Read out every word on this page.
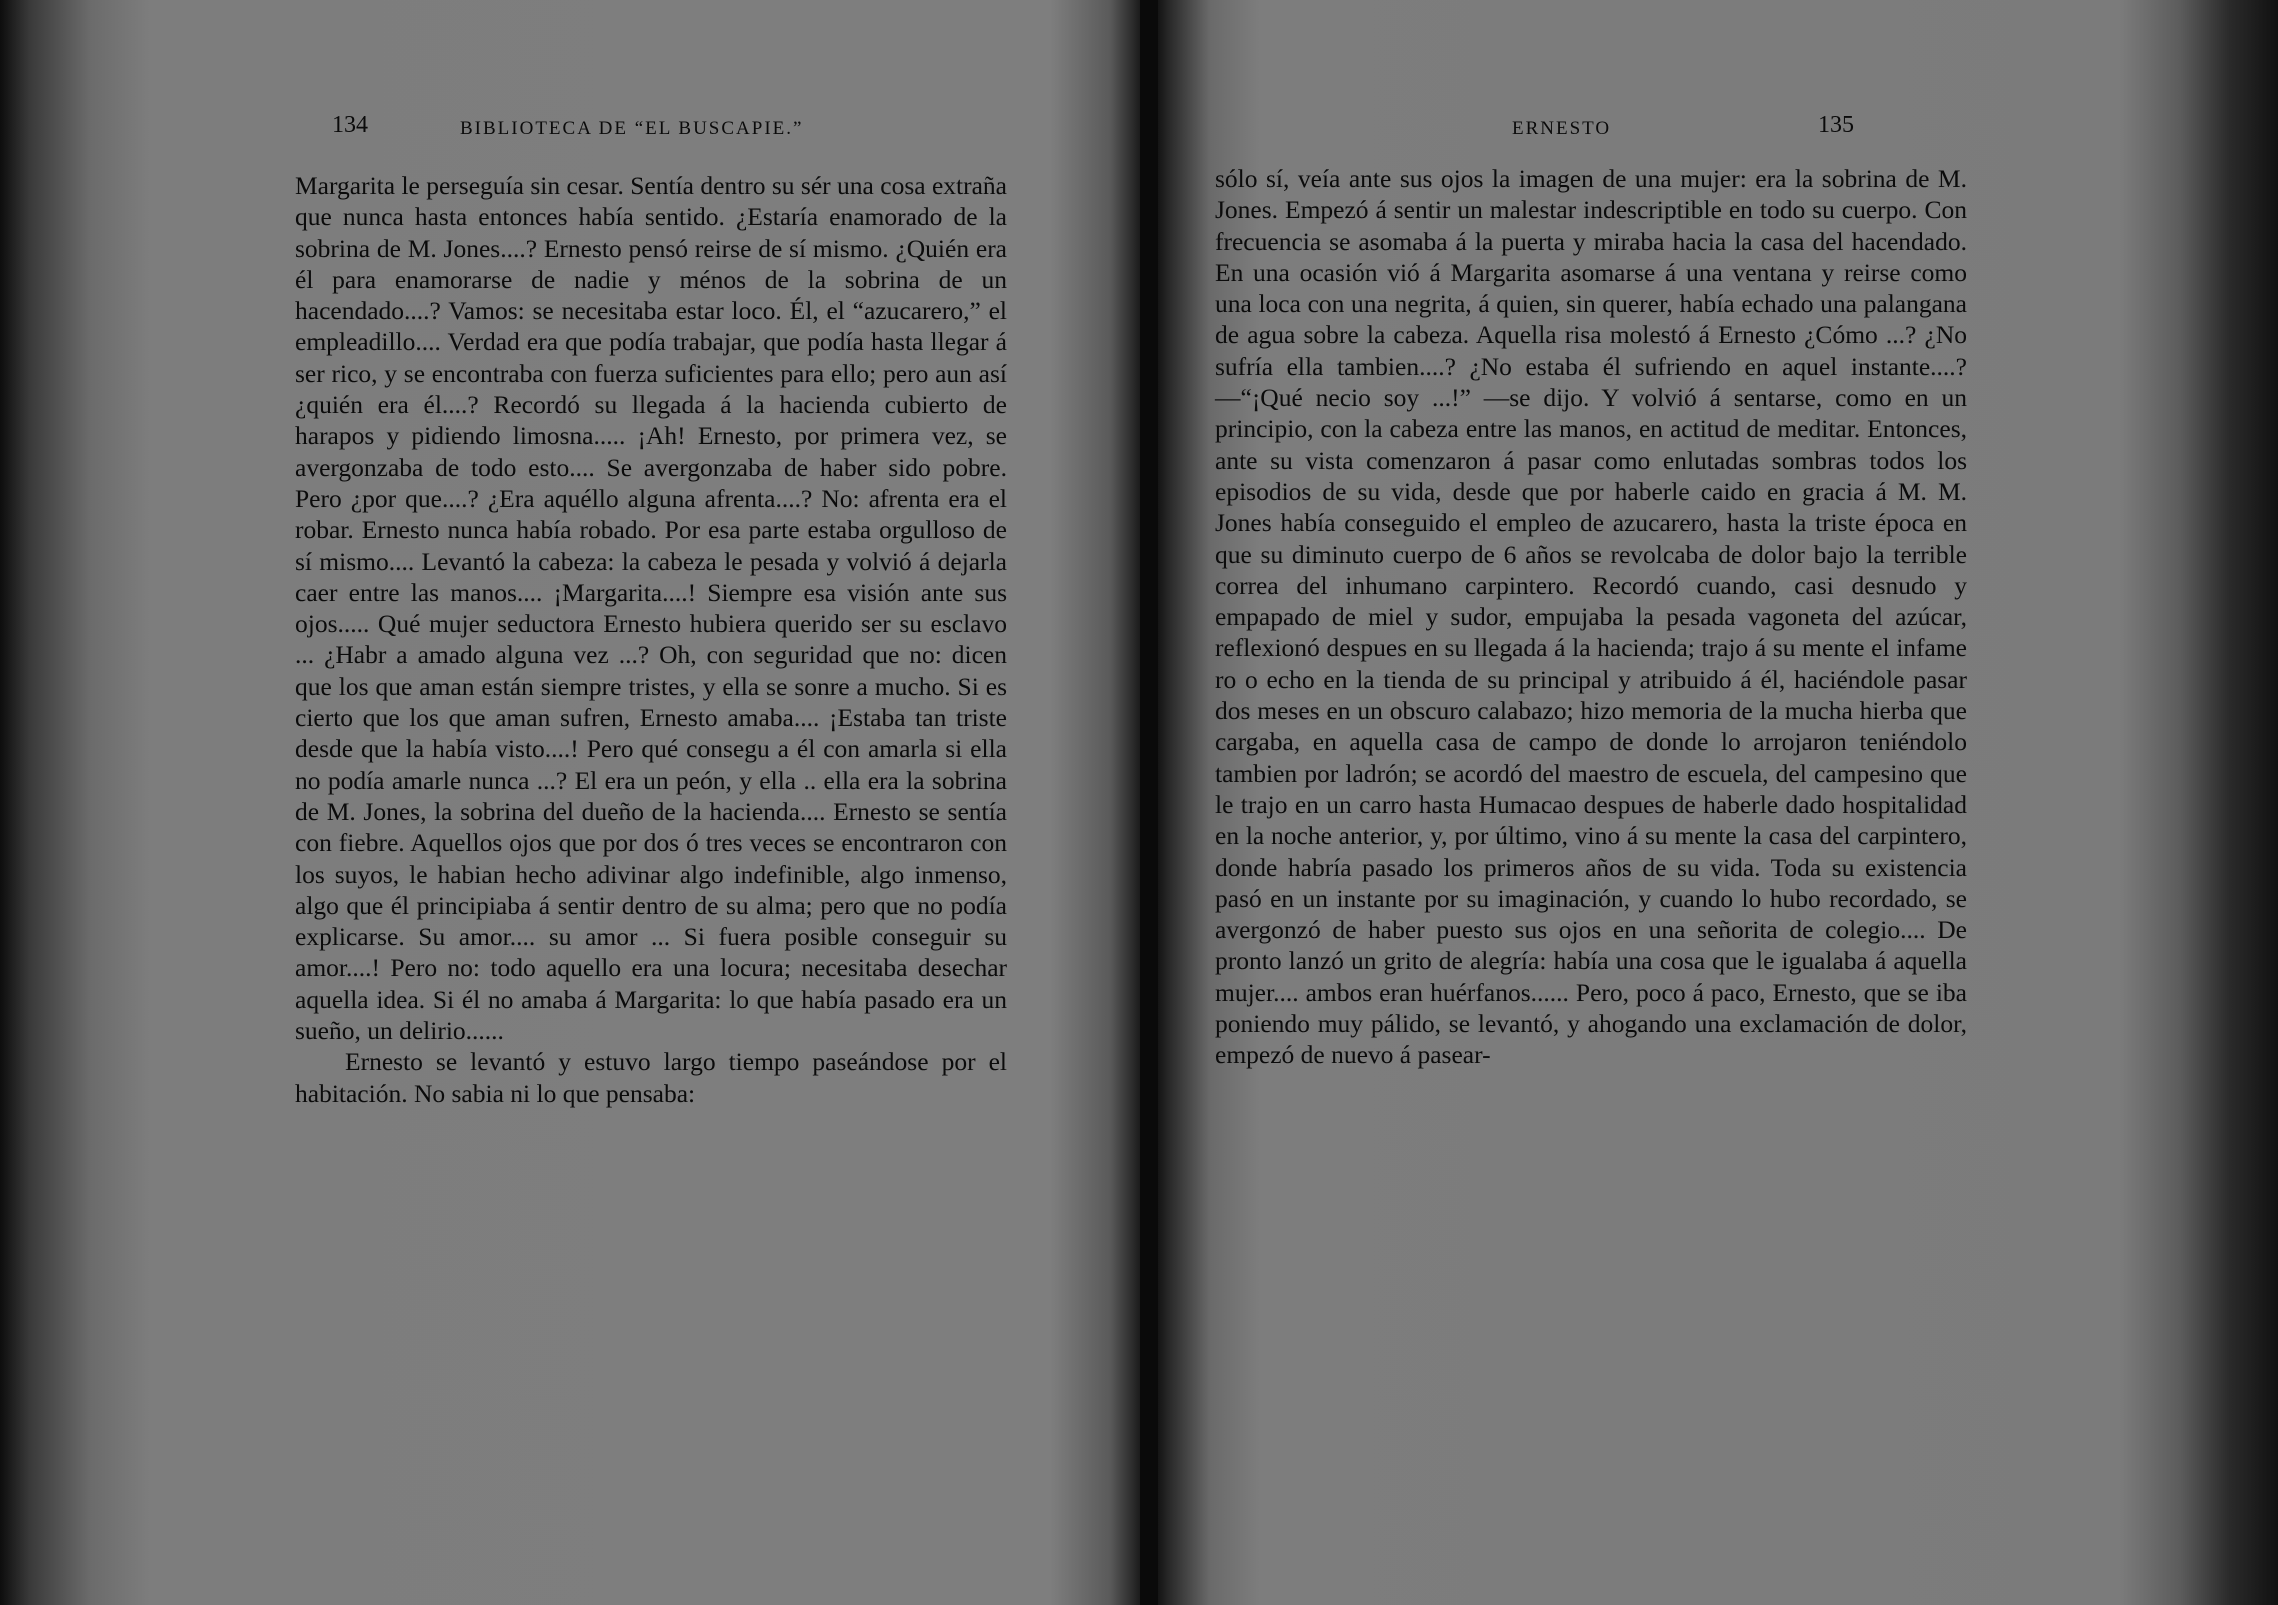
134	BIBLIOTECA DE “EL BUSCAPIE.”

Margarita le perseguía sin cesar. Sentía dentro su sér una cosa extraña que nunca hasta entonces había sentido. ¿Estaría enamorado de la sobrina de M. Jones....? Ernesto pensó reirse de sí mismo. ¿Quién era él para enamorarse de nadie y ménos de la sobrina de un hacendado....? Vamos: se necesitaba estar loco. Él, el “azucarero,” el empleadillo.... Verdad era que podía trabajar, que podía hasta llegar á ser rico, y se encontraba con fuerza suficientes para ello; pero aun así ¿quién era él....? Recordó su llegada á la hacienda cubierto de harapos y pidiendo limosna..... ¡Ah! Ernesto, por primera vez, se avergonzaba de todo esto.... Se avergonzaba de haber sido pobre. Pero ¿por que....? ¿Era aquéllo alguna afrenta....? No: afrenta era el robar. Ernesto nunca había robado. Por esa parte estaba orgulloso de sí mismo.... Levantó la cabeza: la cabeza le pesada y volvió á dejarla caer entre las manos.... ¡Margarita....! Siempre esa visión ante sus ojos..... Qué mujer seductora Ernesto hubiera querido ser su esclavo ... ¿Habr a amado alguna vez ...? Oh, con seguridad que no: dicen que los que aman están siempre tristes, y ella se sonre a mucho. Si es cierto que los que aman sufren, Ernesto amaba.... ¡Estaba tan triste desde que la había visto....! Pero qué consegu a él con amarla si ella no podía amarle nunca ...? El era un peón, y ella .. ella era la sobrina de M. Jones, la sobrina del dueño de la hacienda.... Ernesto se sentía con fiebre. Aquellos ojos que por dos ó tres veces se encontraron con los suyos, le habian hecho adivinar algo indefinible, algo inmenso, algo que él principiaba á sentir dentro de su alma; pero que no podía explicarse. Su amor.... su amor ... Si fuera posible conseguir su amor....! Pero no: todo aquello era una locura; necesitaba desechar aquella idea. Si él no amaba á Margarita: lo que había pasado era un sueño, un delirio......

Ernesto se levantó y estuvo largo tiempo paseándose por el habitación. No sabia ni lo que pensaba:

ERNESTO	135

sólo sí, veía ante sus ojos la imagen de una mujer: era la sobrina de M. Jones. Empezó á sentir un malestar indescriptible en todo su cuerpo. Con frecuencia se asomaba á la puerta y miraba hacia la casa del hacendado. En una ocasión vió á Margarita asomarse á una ventana y reirse como una loca con una negrita, á quien, sin querer, había echado una palangana de agua sobre la cabeza. Aquella risa molestó á Ernesto ¿Cómo ...? ¿No sufría ella tambien....? ¿No estaba él sufriendo en aquel instante....?—“¡Qué necio soy ...!” —se dijo. Y volvió á sentarse, como en un principio, con la cabeza entre las manos, en actitud de meditar. Entonces, ante su vista comenzaron á pasar como enlutadas sombras todos los episodios de su vida, desde que por haberle caido en gracia á M. M. Jones había conseguido el empleo de azucarero, hasta la triste época en que su diminuto cuerpo de 6 años se revolcaba de dolor bajo la terrible correa del inhumano carpintero. Recordó cuando, casi desnudo y empapado de miel y sudor, empujaba la pesada vagoneta del azúcar, reflexionó despues en su llegada á la hacienda; trajo á su mente el infame ro o echo en la tienda de su principal y atribuido á él, haciéndole pasar dos meses en un obscuro calabazo; hizo memoria de la mucha hierba que cargaba, en aquella casa de campo de donde lo arrojaron teniéndolo tambien por ladrón; se acordó del maestro de escuela, del campesino que le trajo en un carro hasta Humacao despues de haberle dado hospitalidad en la noche anterior, y, por último, vino á su mente la casa del carpintero, donde habría pasado los primeros años de su vida. Toda su existencia pasó en un instante por su imaginación, y cuando lo hubo recordado, se avergonzó de haber puesto sus ojos en una señorita de colegio.... De pronto lanzó un grito de alegría: había una cosa que le igualaba á aquella mujer.... ambos eran huérfanos...... Pero, poco á paco, Ernesto, que se iba poniendo muy pálido, se levantó, y ahogando una exclamación de dolor, empezó de nuevo á pasear-
